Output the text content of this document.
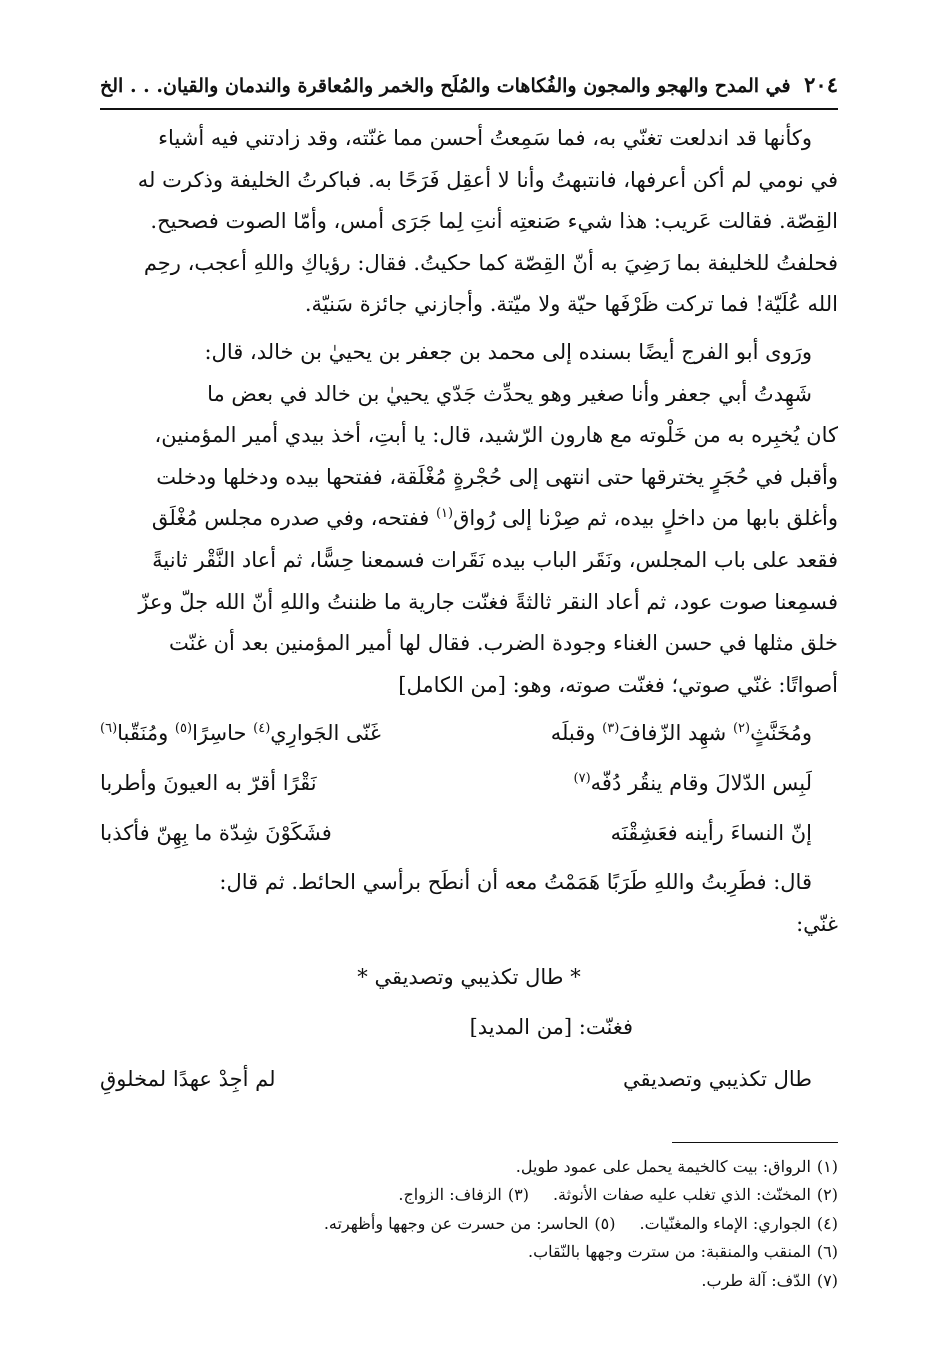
٢٠٤
في المدح والهجو والمجون والفُكاهات والمُلَح والخمر والمُعاقرة والندمان والقيان. . . الخ

وكأنها قد اندلعت تغنّي به، فما سَمِعتُ أحسن مما غنّته، وقد زادتني فيه أشياء

في نومي لم أكن أعرفها، فانتبهتُ وأنا لا أعقِل فَرَحًا به. فباكرتُ الخليفة وذكرت له

القِصّة. فقالت عَريب: هذا شيء صَنعتِه أنتِ لِما جَرَى أمس، وأمّا الصوت فصحيح.

فحلفتُ للخليفة بما رَضِيَ به أنّ القِصّة كما حكيتُ. فقال: رؤياكِ واللهِ أعجب، رحِم

الله عُلَيّة! فما تركت ظَرْفَها حيّة ولا ميّتة. وأجازني جائزة سَنيّة.

ورَوى أبو الفرج أيضًا بسنده إلى محمد بن جعفر بن يحييٰ بن خالد، قال:

شَهِدتُ أبي جعفر وأنا صغير وهو يحدِّث جَدّي يحييٰ بن خالد في بعض ما

كان يُخبِره به من خَلْوته مع هارون الرّشيد، قال: يا أبتِ، أخذ بيدي أمير المؤمنين،

وأقبل في حُجَرٍ يخترقها حتى انتهى إلى حُجْرةٍ مُغْلَقة، ففتحها بيده ودخلها ودخلت

وأغلق بابها من داخلٍ بيده، ثم صِرْنا إلى رُواق$^{(١)}$ ففتحه، وفي صدره مجلس مُغْلَق

فقعد على باب المجلس، ونَقَر الباب بيده نَقَرات فسمعنا حِسًّا، ثم أعاد النَّقْر ثانيةً

فسمِعنا صوت عود، ثم أعاد النقر ثالثةً فغنّت جارية ما ظننتُ واللهِ أنّ الله جلّ وعزّ

خلق مثلها في حسن الغناء وجودة الضرب. فقال لها أمير المؤمنين بعد أن غنّت

أصواتًا: غنّي صوتي؛ فغنّت صوته، وهو: [من الكامل]

ومُخَنَّثٍ$^{(٢)}$ شهِد الزّفافَ$^{(٣)}$ وقبلَه
غَنّى الجَوارِي$^{(٤)}$ حاسِرًا$^{(٥)}$ ومُنَقّبا$^{(٦)}$
لَبِس الدّلالَ وقام ينقُر دُفّه$^{(٧)}$
نَقْرًا أقرّ به العيونَ وأطربا
إنّ النساءَ رأينه فعَشِقْنَه
فشَكَوْنَ شِدّة ما بِهِنّ فأكذبا

قال: فطَرِبتُ واللهِ طَرَبًا هَمَمْتُ معه أن أنطَح برأسي الحائط. ثم قال:

غنّي:

* طال تكذيبي وتصديقي *
فغنّت: [من المديد]
طال تكذيبي وتصديقي
لم أجِدْ عهدًا لمخلوقِ
(١)الرواق: بيت كالخيمة يحمل على عمود طويل.
(٢)المخنّث: الذي تغلب عليه صفات الأنوثة.
(٣)الزفاف: الزواج.
(٤)الجواري: الإماء والمغنّيات.
(٥)الحاسر: من حسرت عن وجهها وأظهرته.
(٦)المنقب والمنقبة: من سترت وجهها بالنّقاب.
(٧)الدّف: آلة طرب.
